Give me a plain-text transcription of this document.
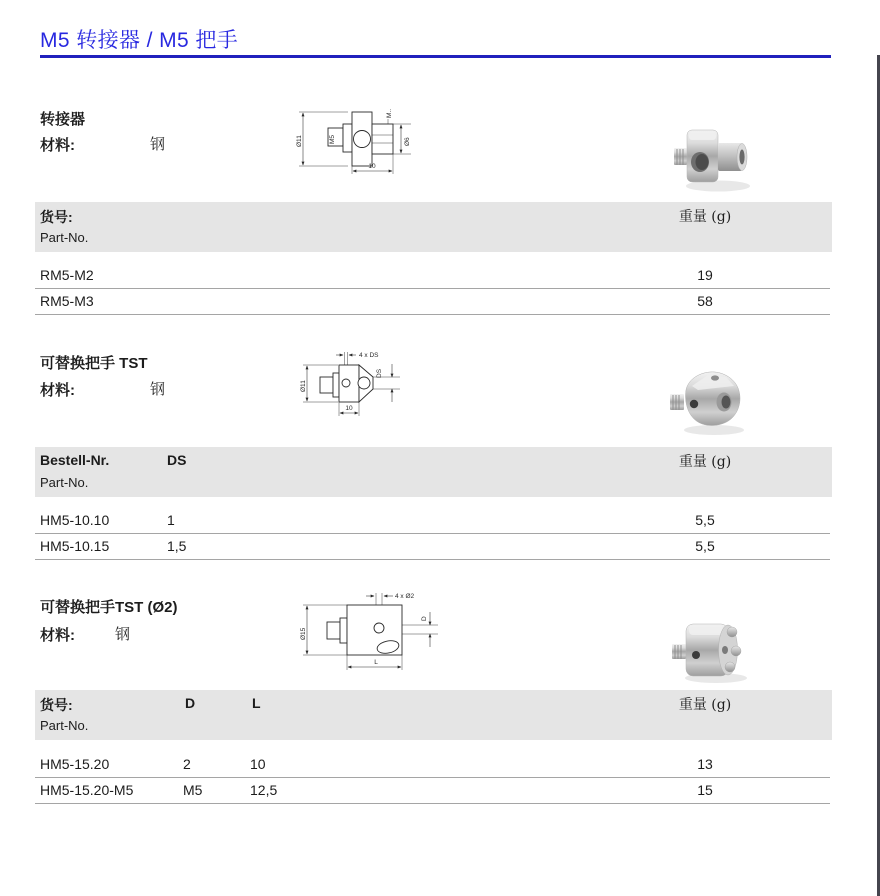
M5 转接器 / M5 把手
转接器
材料:	钢	Ø11	M5
M..
Ø6
10
货号:
Part-No.
重量 (g)
RM5-M2	19
RM5-M3	58
可替换把手 TST
材料:	钢	Ø11
4 x DS
DS
10
Bestell-Nr.	DS
Part-No.
重量 (g)
HM5-10.10	1	5,5
HM5-10.15	1,5	5,5
可替换把手TST (Ø2)
材料:	钢	Ø15
4 x Ø2
D
L
货号:	D	L
Part-No.
重量 (g)
HM5-15.20	2	10	13
HM5-15.20-M5	M5	12,5	15
